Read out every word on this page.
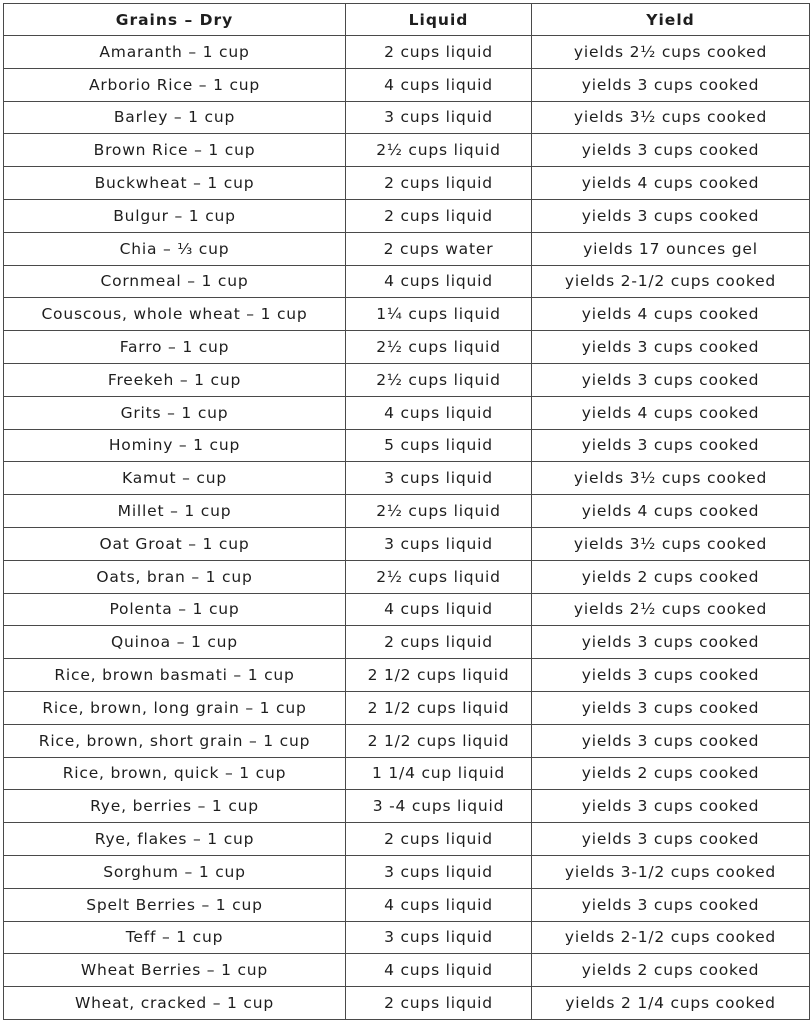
Grains – Dry	Liquid	Yield
Amaranth – 1 cup	2 cups liquid	yields 2½ cups cooked
Arborio Rice – 1 cup	4 cups liquid	yields 3 cups cooked
Barley – 1 cup	3 cups liquid	yields 3½ cups cooked
Brown Rice – 1 cup	2½ cups liquid	yields 3 cups cooked
Buckwheat – 1 cup	2 cups liquid	yields 4 cups cooked
Bulgur – 1 cup	2 cups liquid	yields 3 cups cooked
Chia – ⅓ cup	2 cups water	yields 17 ounces gel
Cornmeal – 1 cup	4 cups liquid	yields 2-1/2 cups cooked
Couscous, whole wheat – 1 cup	1¼ cups liquid	yields 4 cups cooked
Farro – 1 cup	2½ cups liquid	yields 3 cups cooked
Freekeh – 1 cup	2½ cups liquid	yields 3 cups cooked
Grits – 1 cup	4 cups liquid	yields 4 cups cooked
Hominy – 1 cup	5 cups liquid	yields 3 cups cooked
Kamut – cup	3 cups liquid	yields 3½ cups cooked
Millet – 1 cup	2½ cups liquid	yields 4 cups cooked
Oat Groat – 1 cup	3 cups liquid	yields 3½ cups cooked
Oats, bran – 1 cup	2½ cups liquid	yields 2 cups cooked
Polenta – 1 cup	4 cups liquid	yields 2½ cups cooked
Quinoa – 1 cup	2 cups liquid	yields 3 cups cooked
Rice, brown basmati – 1 cup	2 1/2 cups liquid	yields 3 cups cooked
Rice, brown, long grain – 1 cup	2 1/2 cups liquid	yields 3 cups cooked
Rice, brown, short grain – 1 cup	2 1/2 cups liquid	yields 3 cups cooked
Rice, brown, quick – 1 cup	1 1/4 cup liquid	yields 2 cups cooked
Rye, berries – 1 cup	3 -4 cups liquid	yields 3 cups cooked
Rye, flakes – 1 cup	2 cups liquid	yields 3 cups cooked
Sorghum – 1 cup	3 cups liquid	yields 3-1/2 cups cooked
Spelt Berries – 1 cup	4 cups liquid	yields 3 cups cooked
Teff – 1 cup	3 cups liquid	yields 2-1/2 cups cooked
Wheat Berries – 1 cup	4 cups liquid	yields 2 cups cooked
Wheat, cracked – 1 cup	2 cups liquid	yields 2 1/4 cups cooked
